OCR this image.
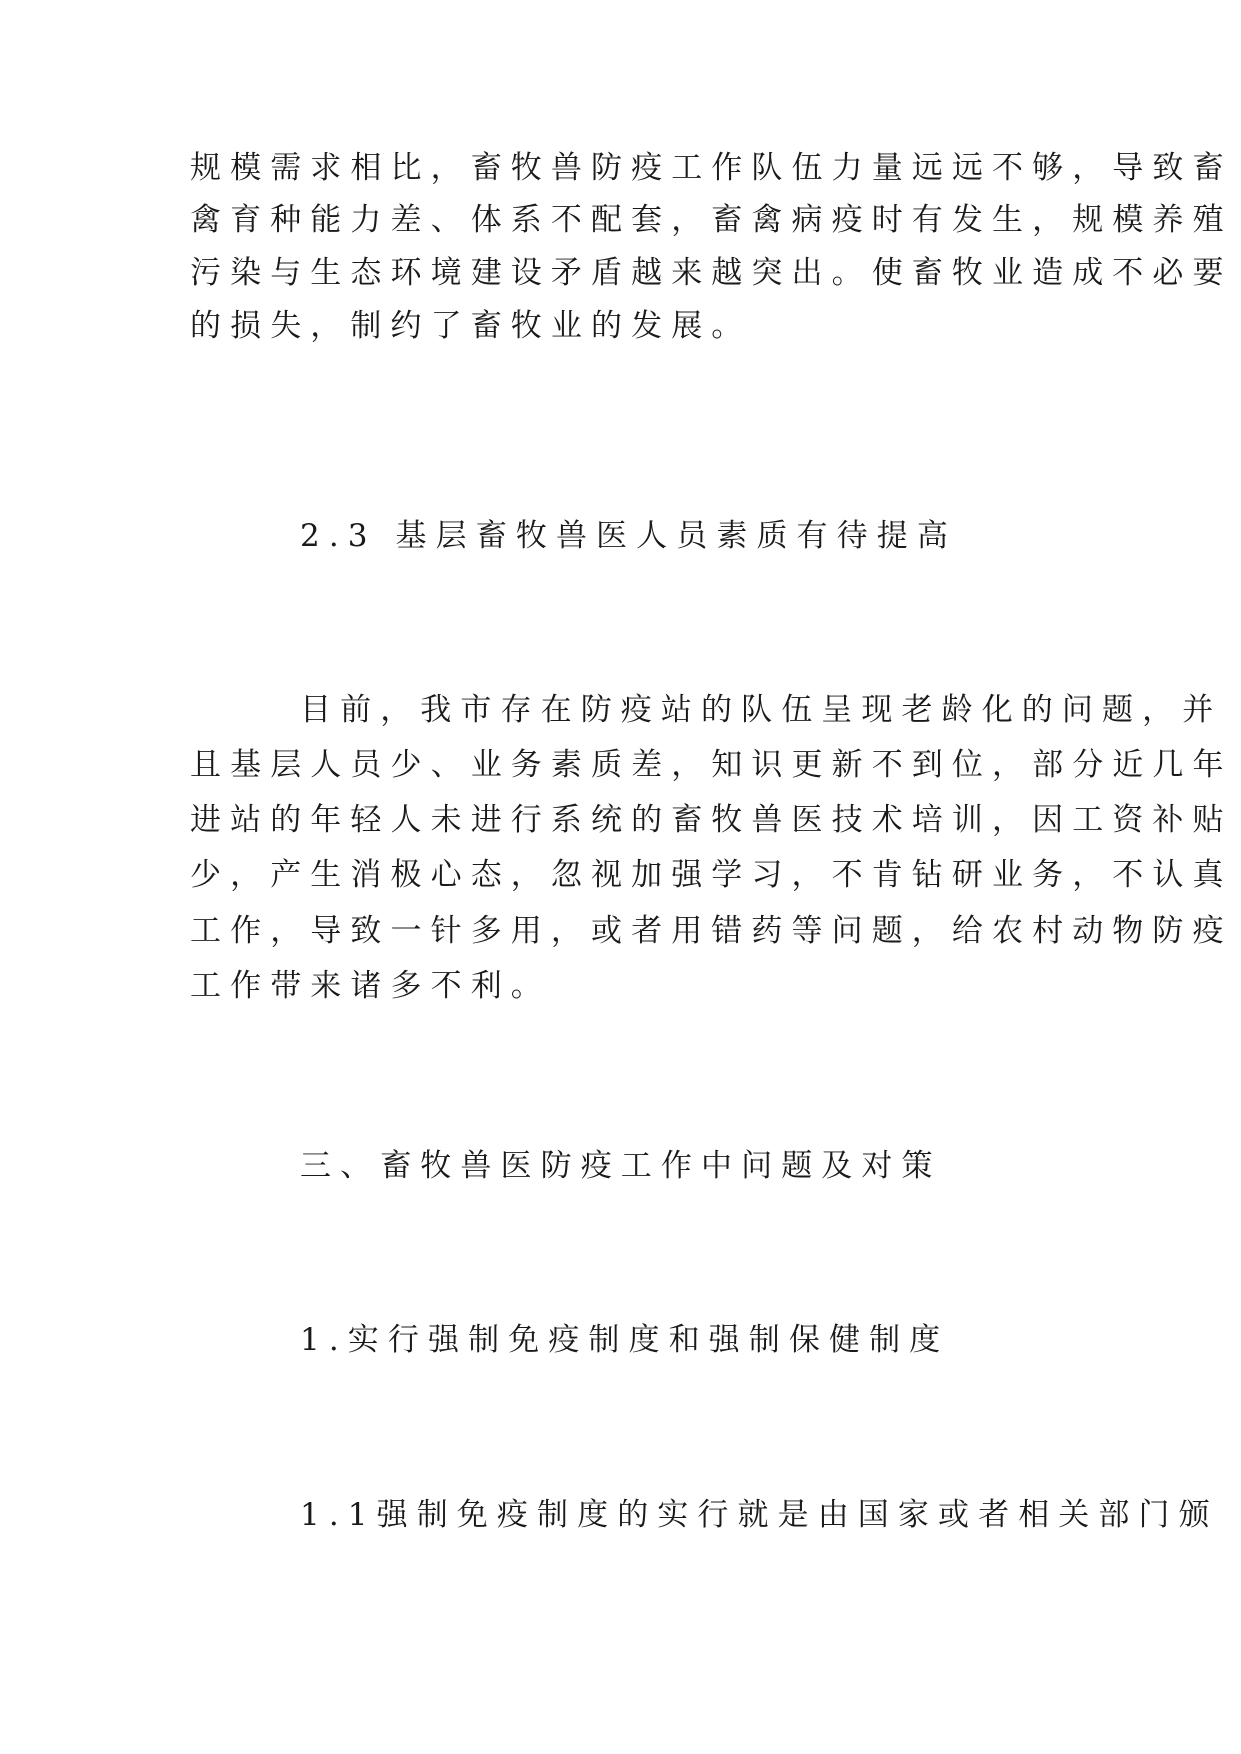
规模需求相比，畜牧兽防疫工作队伍力量远远不够，导致畜
禽育种能力差、体系不配套，畜禽病疫时有发生，规模养殖
污染与生态环境建设矛盾越来越突出。使畜牧业造成不必要
的损失，制约了畜牧业的发展。
2.3 基层畜牧兽医人员素质有待提高
目前，我市存在防疫站的队伍呈现老龄化的问题，并
且基层人员少、业务素质差，知识更新不到位，部分近几年
进站的年轻人未进行系统的畜牧兽医技术培训，因工资补贴
少，产生消极心态，忽视加强学习，不肯钻研业务，不认真
工作，导致一针多用，或者用错药等问题，给农村动物防疫
工作带来诸多不利。
三、畜牧兽医防疫工作中问题及对策
1.实行强制免疫制度和强制保健制度
1.1强制免疫制度的实行就是由国家或者相关部门颁
